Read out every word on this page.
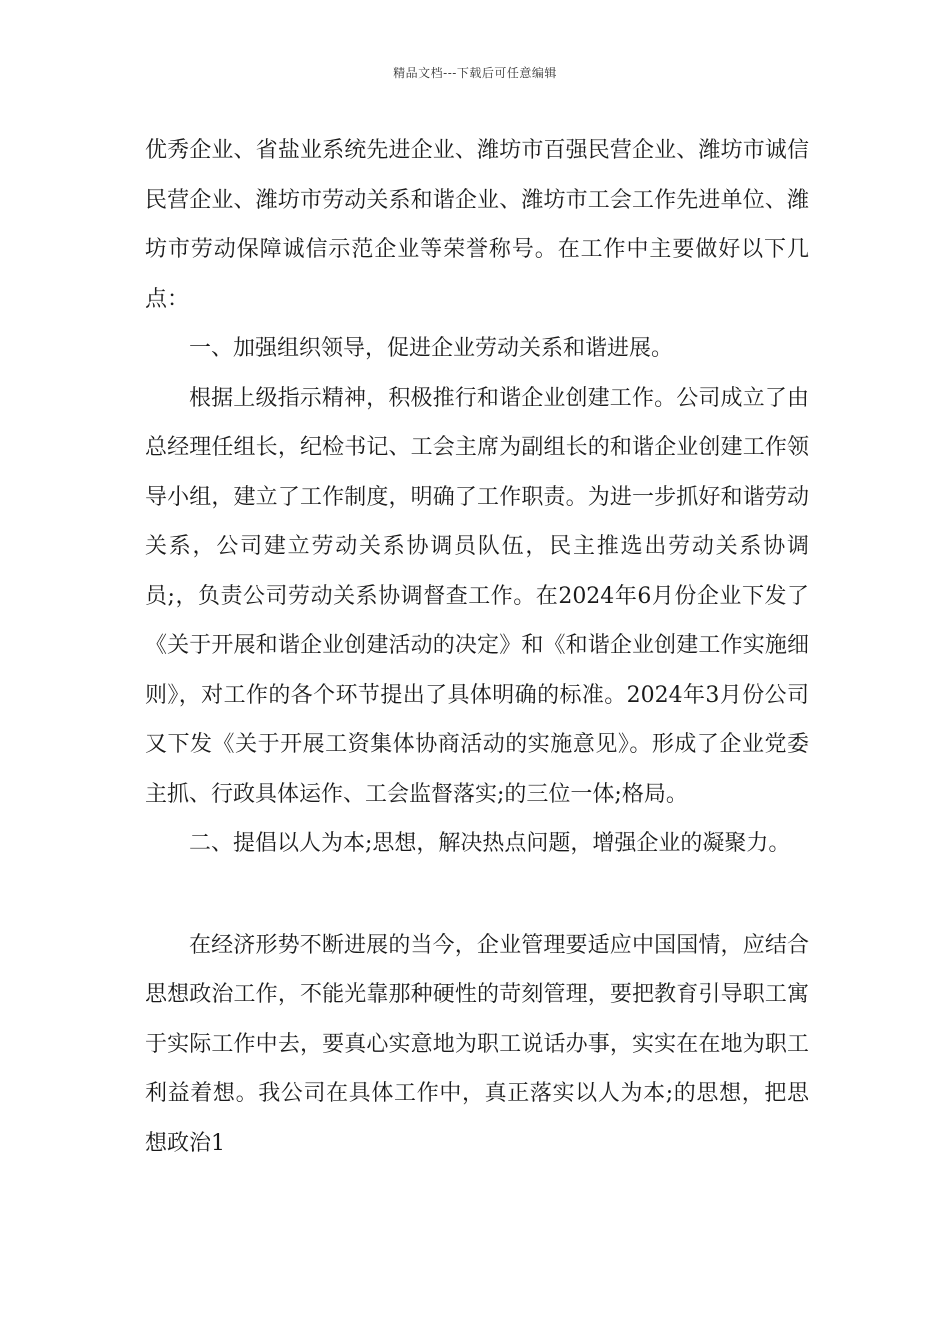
精品文档---下载后可任意编辑

优秀企业、省盐业系统先进企业、潍坊市百强民营企业、潍坊市诚信民营企业、潍坊市劳动关系和谐企业、潍坊市工会工作先进单位、潍坊市劳动保障诚信示范企业等荣誉称号。在工作中主要做好以下几点：

一、加强组织领导，促进企业劳动关系和谐进展。

根据上级指示精神，积极推行和谐企业创建工作。公司成立了由总经理任组长，纪检书记、工会主席为副组长的和谐企业创建工作领导小组，建立了工作制度，明确了工作职责。为进一步抓好和谐劳动关系，公司建立劳动关系协调员队伍，民主推选出劳动关系协调员;，负责公司劳动关系协调督查工作。在2024年6月份企业下发了《关于开展和谐企业创建活动的决定》和《和谐企业创建工作实施细则》，对工作的各个环节提出了具体明确的标准。2024年3月份公司又下发《关于开展工资集体协商活动的实施意见》。形成了企业党委主抓、行政具体运作、工会监督落实;的三位一体;格局。

二、提倡以人为本;思想，解决热点问题，增强企业的凝聚力。

在经济形势不断进展的当今，企业管理要适应中国国情，应结合思想政治工作，不能光靠那种硬性的苛刻管理，要把教育引导职工寓于实际工作中去，要真心实意地为职工说话办事，实实在在地为职工利益着想。我公司在具体工作中，真正落实以人为本;的思想，把思想政治1
